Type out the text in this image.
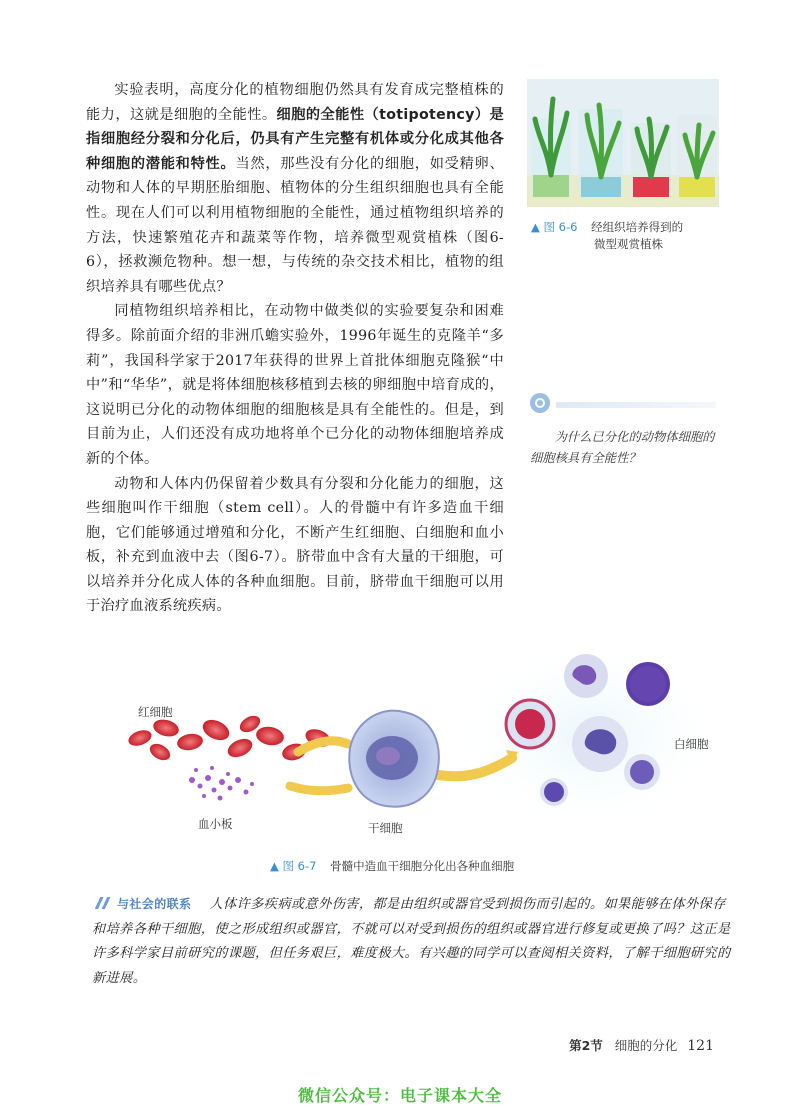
实验表明，高度分化的植物细胞仍然具有发育成完整植株的能力，这就是细胞的全能性。细胞的全能性（totipotency）是指细胞经分裂和分化后，仍具有产生完整有机体或分化成其他各种细胞的潜能和特性。当然，那些没有分化的细胞，如受精卵、动物和人体的早期胚胎细胞、植物体的分生组织细胞也具有全能性。现在人们可以利用植物细胞的全能性，通过植物组织培养的方法，快速繁殖花卉和蔬菜等作物，培养微型观赏植株（图6-6），拯救濒危物种。想一想，与传统的杂交技术相比，植物的组织培养具有哪些优点？

同植物组织培养相比，在动物中做类似的实验要复杂和困难得多。除前面介绍的非洲爪蟾实验外，1996年诞生的克隆羊“多莉”，我国科学家于2017年获得的世界上首批体细胞克隆猴“中中”和“华华”，就是将体细胞核移植到去核的卵细胞中培育成的，这说明已分化的动物体细胞的细胞核是具有全能性的。但是，到目前为止，人们还没有成功地将单个已分化的动物体细胞培养成新的个体。

动物和人体内仍保留着少数具有分裂和分化能力的细胞，这些细胞叫作干细胞（stem cell）。人的骨髓中有许多造血干细胞，它们能够通过增殖和分化，不断产生红细胞、白细胞和血小板，补充到血液中去（图6-7）。脐带血中含有大量的干细胞，可以培养并分化成人体的各种血细胞。目前，脐带血干细胞可以用于治疗血液系统疾病。

▲ 图 6-6 经组织培养得到的
微型观赏植株
为什么已分化的动物体细胞的细胞核具有全能性？
红细胞
血小板	干细胞
白细胞
▲ 图 6-7 骨髓中造血干细胞分化出各种血细胞
与社会的联系 人体许多疾病或意外伤害，都是由组织或器官受到损伤而引起的。如果能够在体外保存和培养各种干细胞，使之形成组织或器官，不就可以对受到损伤的组织或器官进行修复或更换了吗？这正是许多科学家目前研究的课题，但任务艰巨，难度极大。有兴趣的同学可以查阅相关资料，了解干细胞研究的新进展。
第2节 细胞的分化 121
微信公众号：电子课本大全
